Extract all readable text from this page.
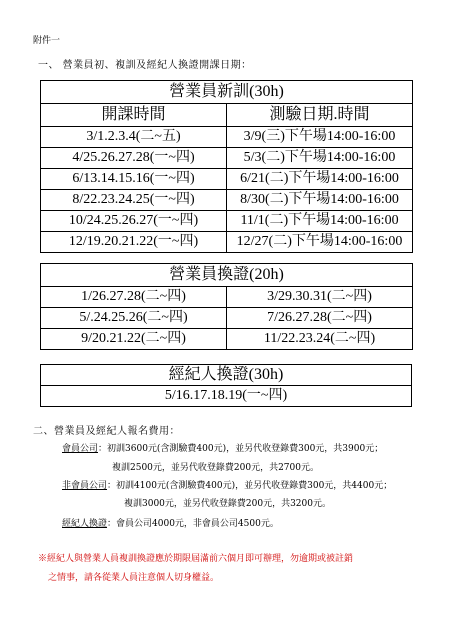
附件一
一、 營業員初、複訓及經紀人換證開課日期：
營業員新訓(30h)	
開課時間	測驗日期.時間
3/1.2.3.4(二~五)	3/9(三)下午場14:00-16:00
4/25.26.27.28(一~四)	5/3(二)下午場14:00-16:00
6/13.14.15.16(一~四)	6/21(二)下午場14:00-16:00
8/22.23.24.25(一~四)	8/30(二)下午場14:00-16:00
10/24.25.26.27(一~四)	11/1(二)下午場14:00-16:00
12/19.20.21.22(一~四)	12/27(二)下午場14:00-16:00
營業員換證(20h)	
1/26.27.28(二~四)	3/29.30.31(二~四)
5/.24.25.26(二~四)	7/26.27.28(二~四)
9/20.21.22(二~四)	11/22.23.24(二~四)
經紀人換證(30h)
5/16.17.18.19(一~四)
二、營業員及經紀人報名費用：
會員公司：初訓3600元(含測驗費400元)，並另代收登錄費300元，共3900元；
複訓2500元，並另代收登錄費200元，共2700元。
非會員公司：初訓4100元(含測驗費400元)，並另代收登錄費300元，共4400元；
複訓3000元，並另代收登錄費200元，共3200元。
經紀人換證：會員公司4000元，非會員公司4500元。
※經紀人與營業人員複訓換證應於期限屆滿前六個月即可辦理，勿逾期或被註銷
之情事，請各從業人員注意個人切身權益。
